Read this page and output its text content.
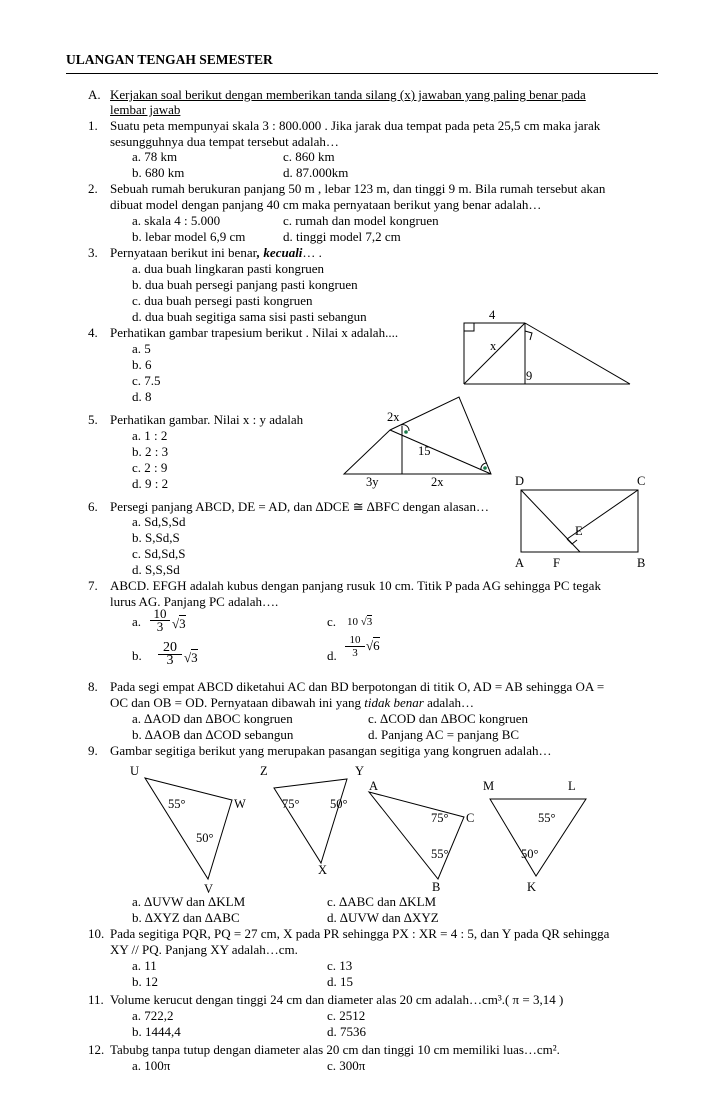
ULANGAN TENGAH SEMESTER
A. Kerjakan soal berikut dengan memberikan tanda silang (x) jawaban yang paling benar pada
lembar jawab
1. Suatu peta mempunyai skala 3 : 800.000 . Jika jarak dua tempat pada peta 25,5 cm maka jarak
sesungguhnya dua tempat tersebut adalah…
a. 78 km	c. 860 km
b. 680 km	d. 87.000km
2. Sebuah rumah berukuran panjang 50 m , lebar 123 m, dan tinggi 9 m. Bila rumah tersebut akan
dibuat model dengan panjang 40 cm maka pernyataan berikut yang benar adalah…
a. skala 4 : 5.000	c. rumah dan model kongruen
b. lebar model 6,9 cm	d. tinggi model 7,2 cm
3. Pernyataan berikut ini benar, kecuali… .
a. dua buah lingkaran pasti kongruen
b. dua buah persegi panjang pasti kongruen
c. dua buah persegi pasti kongruen
d. dua buah segitiga sama sisi pasti sebangun
4. Perhatikan gambar trapesium berikut . Nilai x adalah....
a. 5
b. 6
c. 7.5
d. 8
4
x
9
5. Perhatikan gambar. Nilai x : y adalah
a. 1 : 2
b. 2 : 3
c. 2 : 9
d. 9 : 2
2x
15
3y	2x
6. Persegi panjang ABCD, DE = AD, dan ∆DCE ≅ ∆BFC dengan alasan…
a. Sd,S,Sd
b. S,Sd,S
c. Sd,Sd,S
d. S,S,Sd
D	C
E
A F	B
7. ABCD. EFGH adalah kubus dengan panjang rusuk 10 cm. Titik P pada AG sehingga PC tegak
lurus AG. Panjang PC adalah….
a. $\frac{10}{3} √3$	c. 10 √3
b. $\frac{20}{3} √3$	d. $\frac{10}{3} √6$
8. Pada segi empat ABCD diketahui AC dan BD berpotongan di titik O, AD = AB sehingga OA =
OC dan OB = OD. Pernyataan dibawah ini yang tidak benar adalah…
a. ∆AOD dan ∆BOC kongruen	c. ∆COD dan ∆BOC kongruen
b. ∆AOB dan ∆COD sebangun	d. Panjang AC = panjang BC
9. Gambar segitiga berikut yang merupakan pasangan segitiga yang kongruen adalah…
U
W
V
55°
50°
Z	Y
X
75° 50°
A
C
B
75°
55°
M	L
K
55°
50°
a. ∆UVW dan ∆KLM	c. ∆ABC dan ∆KLM
b. ∆XYZ dan ∆ABC	d. ∆UVW dan ∆XYZ
10. Pada segitiga PQR, PQ = 27 cm, X pada PR sehingga PX : XR = 4 : 5, dan Y pada QR sehingga
XY // PQ. Panjang XY adalah…cm.
a. 11	c. 13
b. 12	d. 15
11. Volume kerucut dengan tinggi 24 cm dan diameter alas 20 cm adalah…cm³.( π = 3,14 )
a. 722,2	c. 2512
b. 1444,4	d. 7536
12. Tabubg tanpa tutup dengan diameter alas 20 cm dan tinggi 10 cm memiliki luas…cm².
a. 100π	c. 300π
